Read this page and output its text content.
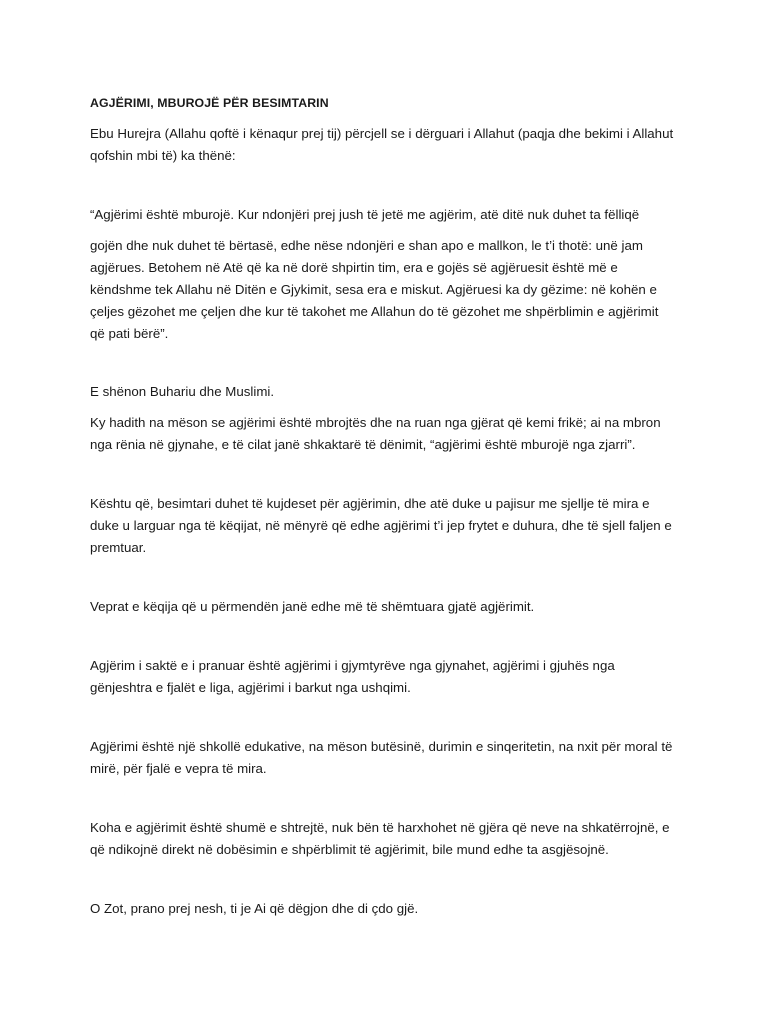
AGJËRIMI, MBUROJË PËR BESIMTARIN

Ebu Hurejra (Allahu qoftë i kënaqur prej tij) përcjell se i dërguari i Allahut (paqja dhe bekimi i Allahut qofshin mbi të) ka thënë:

“Agjërimi është mburojë. Kur ndonjëri prej jush të jetë me agjërim, atë ditë nuk duhet ta fëlliqë

gojën dhe nuk duhet të bërtasë, edhe nëse ndonjëri e shan apo e mallkon, le t’i thotë: unë jam agjërues. Betohem në Atë që ka në dorë shpirtin tim, era e gojës së agjëruesit është më e këndshme tek Allahu në Ditën e Gjykimit, sesa era e miskut. Agjëruesi ka dy gëzime: në kohën e çeljes gëzohet me çeljen dhe kur të takohet me Allahun do të gëzohet me shpërblimin e agjërimit që pati bërë”.

E shënon Buhariu dhe Muslimi.

Ky hadith na mëson se agjërimi është mbrojtës dhe na ruan nga gjërat që kemi frikë; ai na mbron nga rënia në gjynahe, e të cilat janë shkaktarë të dënimit, “agjërimi është mburojë nga zjarri”.

Kështu që, besimtari duhet të kujdeset për agjërimin, dhe atë duke u pajisur me sjellje të mira e duke u larguar nga të këqijat, në mënyrë që edhe agjërimi t’i jep frytet e duhura, dhe të sjell faljen e premtuar.

Veprat e këqija që u përmendën janë edhe më të shëmtuara gjatë agjërimit.

Agjërim i saktë e i pranuar është agjërimi i gjymtyrëve nga gjynahet, agjërimi i gjuhës nga gënjeshtra e fjalët e liga, agjërimi i barkut nga ushqimi.

Agjërimi është një shkollë edukative, na mëson butësinë, durimin e sinqeritetin, na nxit për moral të mirë, për fjalë e vepra të mira.

Koha e agjërimit është shumë e shtrejtë, nuk bën të harxhohet në gjëra që neve na shkatërrojnë, e që ndikojnë direkt në dobësimin e shpërblimit të agjërimit, bile mund edhe ta asgjësojnë.

O Zot, prano prej nesh, ti je Ai që dëgjon dhe di çdo gjë.
